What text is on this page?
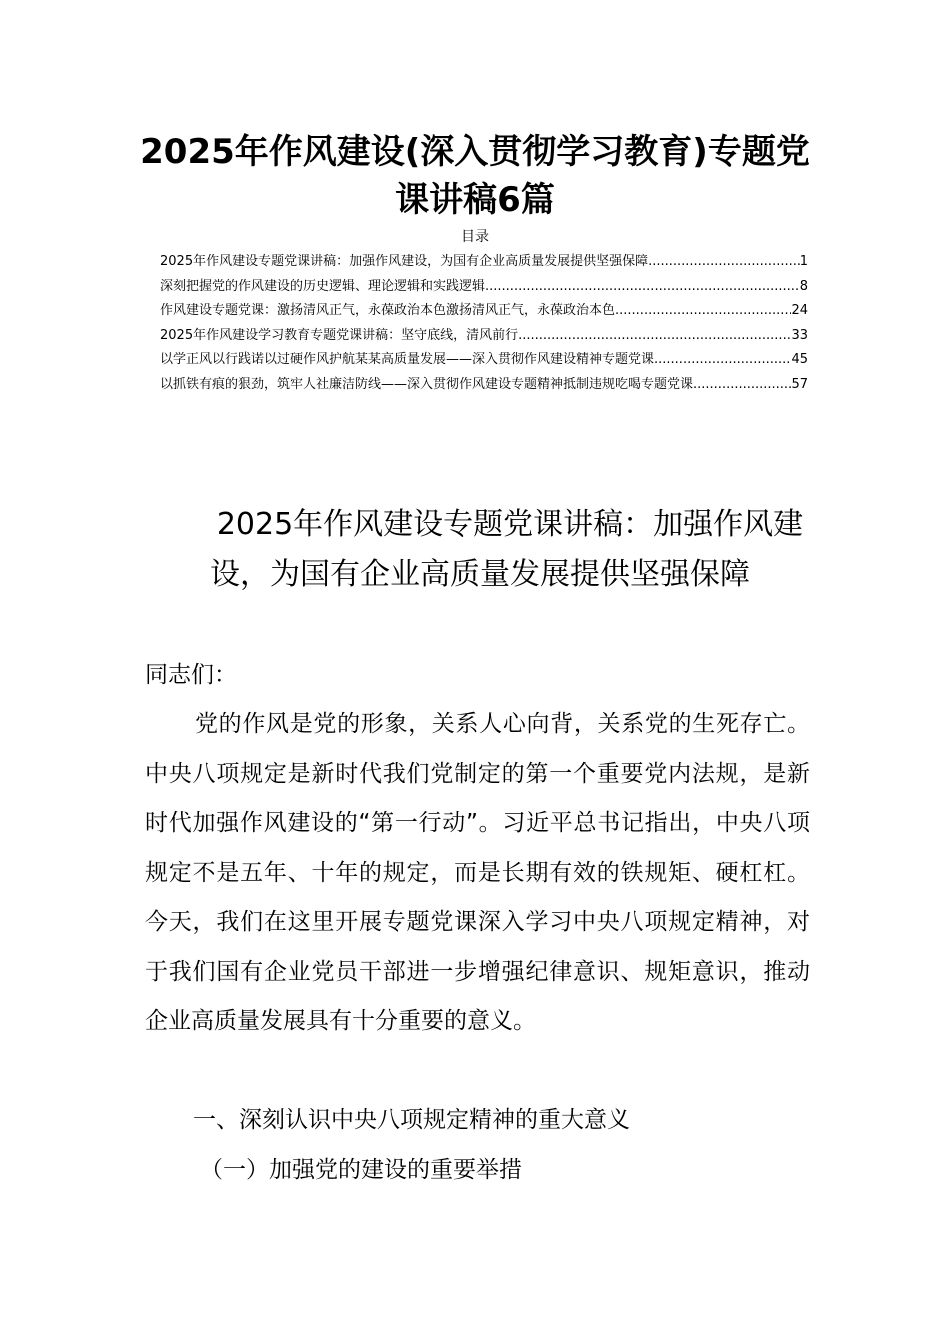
2025年作风建设(深入贯彻学习教育)专题党课讲稿6篇
目录
2025年作风建设专题党课讲稿：加强作风建设，为国有企业高质量发展提供坚强保障 .....	1
深刻把握党的作风建设的历史逻辑、理论逻辑和实践逻辑 .....	8
作风建设专题党课：激扬清风正气，永葆政治本色激扬清风正气，永葆政治本色 .....	24
2025年作风建设学习教育专题党课讲稿：坚守底线，清风前行 .....	33
以学正风以行践诺以过硬作风护航某某高质量发展——深入贯彻作风建设精神专题党课 .....	45
以抓铁有痕的狠劲，筑牢人社廉洁防线——深入贯彻作风建设专题精神抵制违规吃喝专题党课 .....	57
2025年作风建设专题党课讲稿：加强作风建设，为国有企业高质量发展提供坚强保障

同志们：

党的作风是党的形象，关系人心向背，关系党的生死存亡。中央八项规定是新时代我们党制定的第一个重要党内法规，是新时代加强作风建设的“第一行动”。习近平总书记指出，中央八项规定不是五年、十年的规定，而是长期有效的铁规矩、硬杠杠。今天，我们在这里开展专题党课深入学习中央八项规定精神，对于我们国有企业党员干部进一步增强纪律意识、规矩意识，推动企业高质量发展具有十分重要的意义。

一、深刻认识中央八项规定精神的重大意义

（一）加强党的建设的重要举措
